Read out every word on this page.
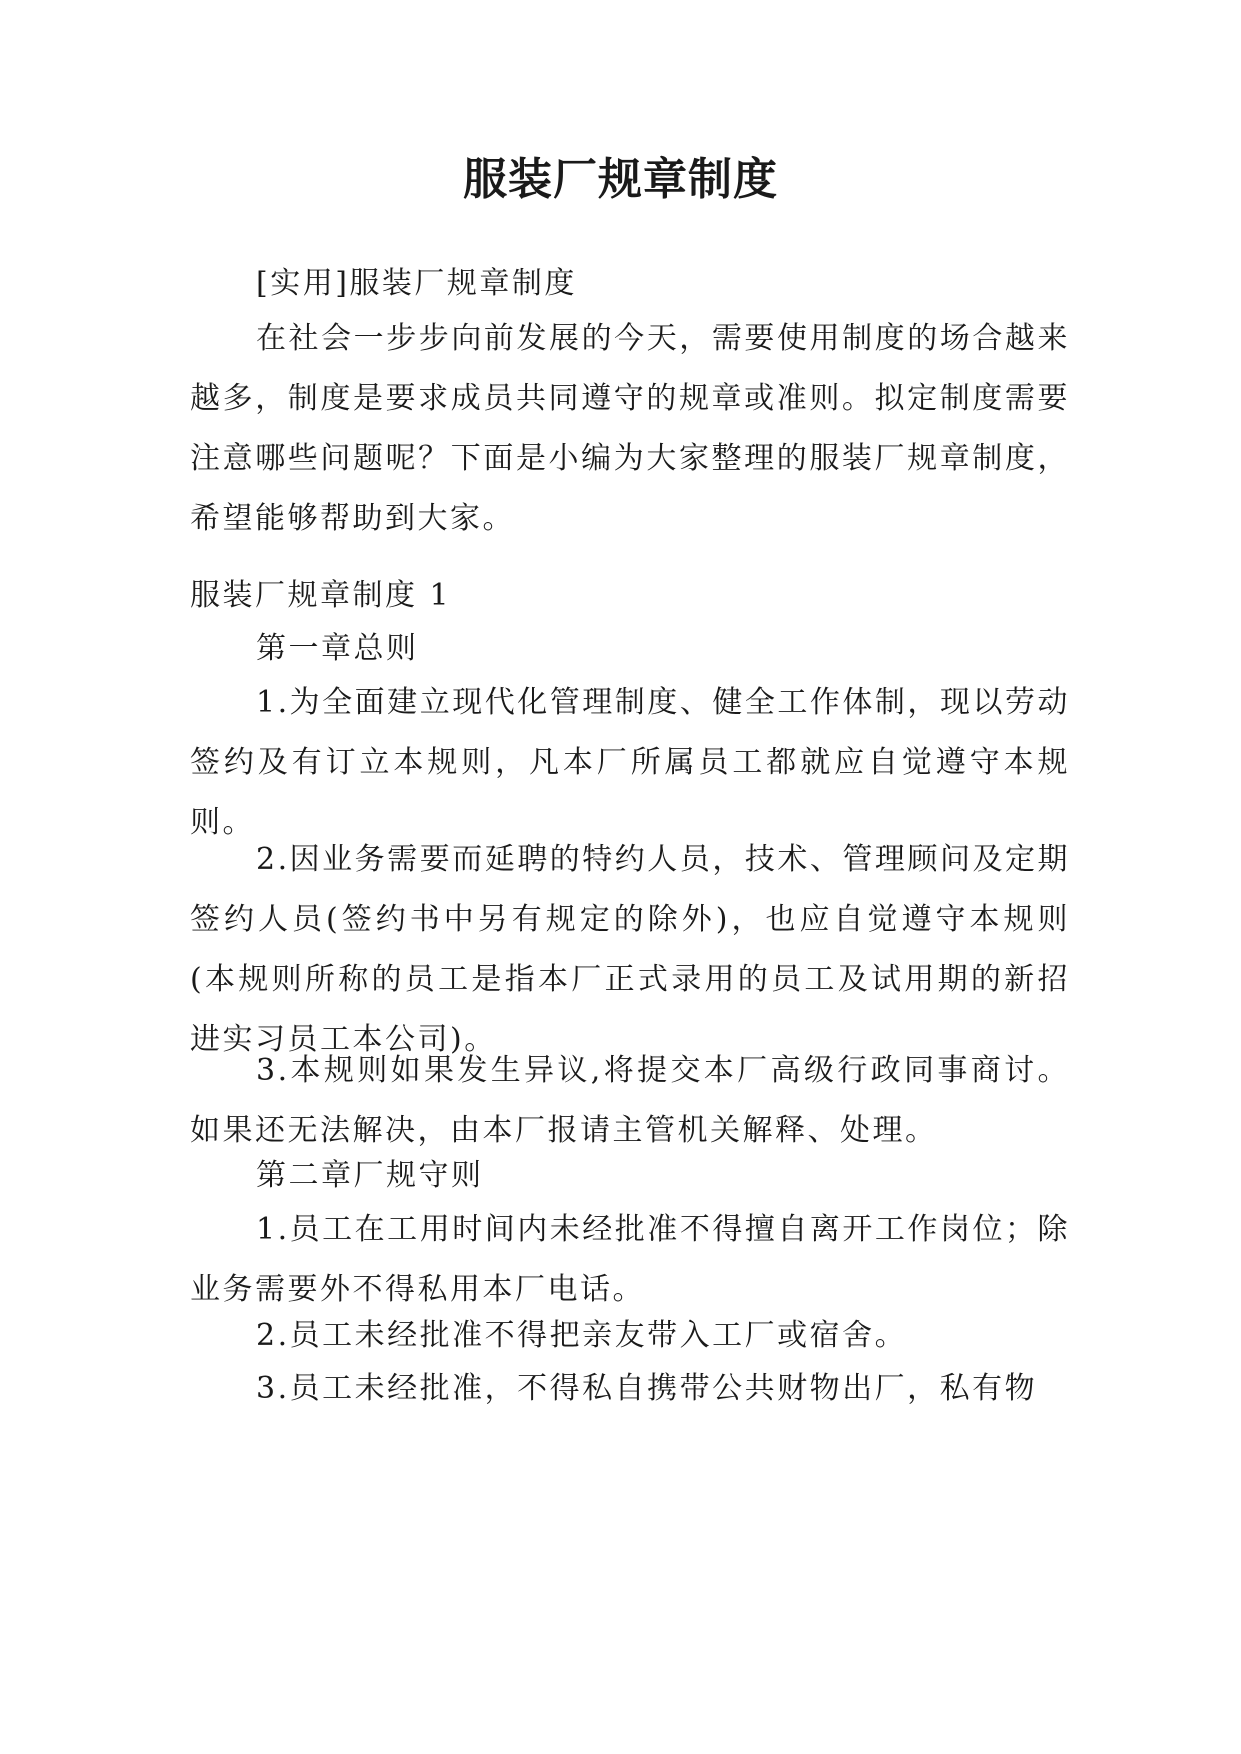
服装厂规章制度

[实用]服装厂规章制度

在社会一步步向前发展的今天，需要使用制度的场合越来越多，制度是要求成员共同遵守的规章或准则。拟定制度需要注意哪些问题呢？下面是小编为大家整理的服装厂规章制度，希望能够帮助到大家。

服装厂规章制度 1

第一章总则

1.为全面建立现代化管理制度、健全工作体制，现以劳动签约及有订立本规则，凡本厂所属员工都就应自觉遵守本规则。

2.因业务需要而延聘的特约人员，技术、管理顾问及定期签约人员(签约书中另有规定的除外)，也应自觉遵守本规则(本规则所称的员工是指本厂正式录用的员工及试用期的新招进实习员工本公司)。

3.本规则如果发生异议,将提交本厂高级行政同事商讨。如果还无法解决，由本厂报请主管机关解释、处理。

第二章厂规守则

1.员工在工用时间内未经批准不得擅自离开工作岗位；除业务需要外不得私用本厂电话。

2.员工未经批准不得把亲友带入工厂或宿舍。

3.员工未经批准，不得私自携带公共财物出厂，私有物
